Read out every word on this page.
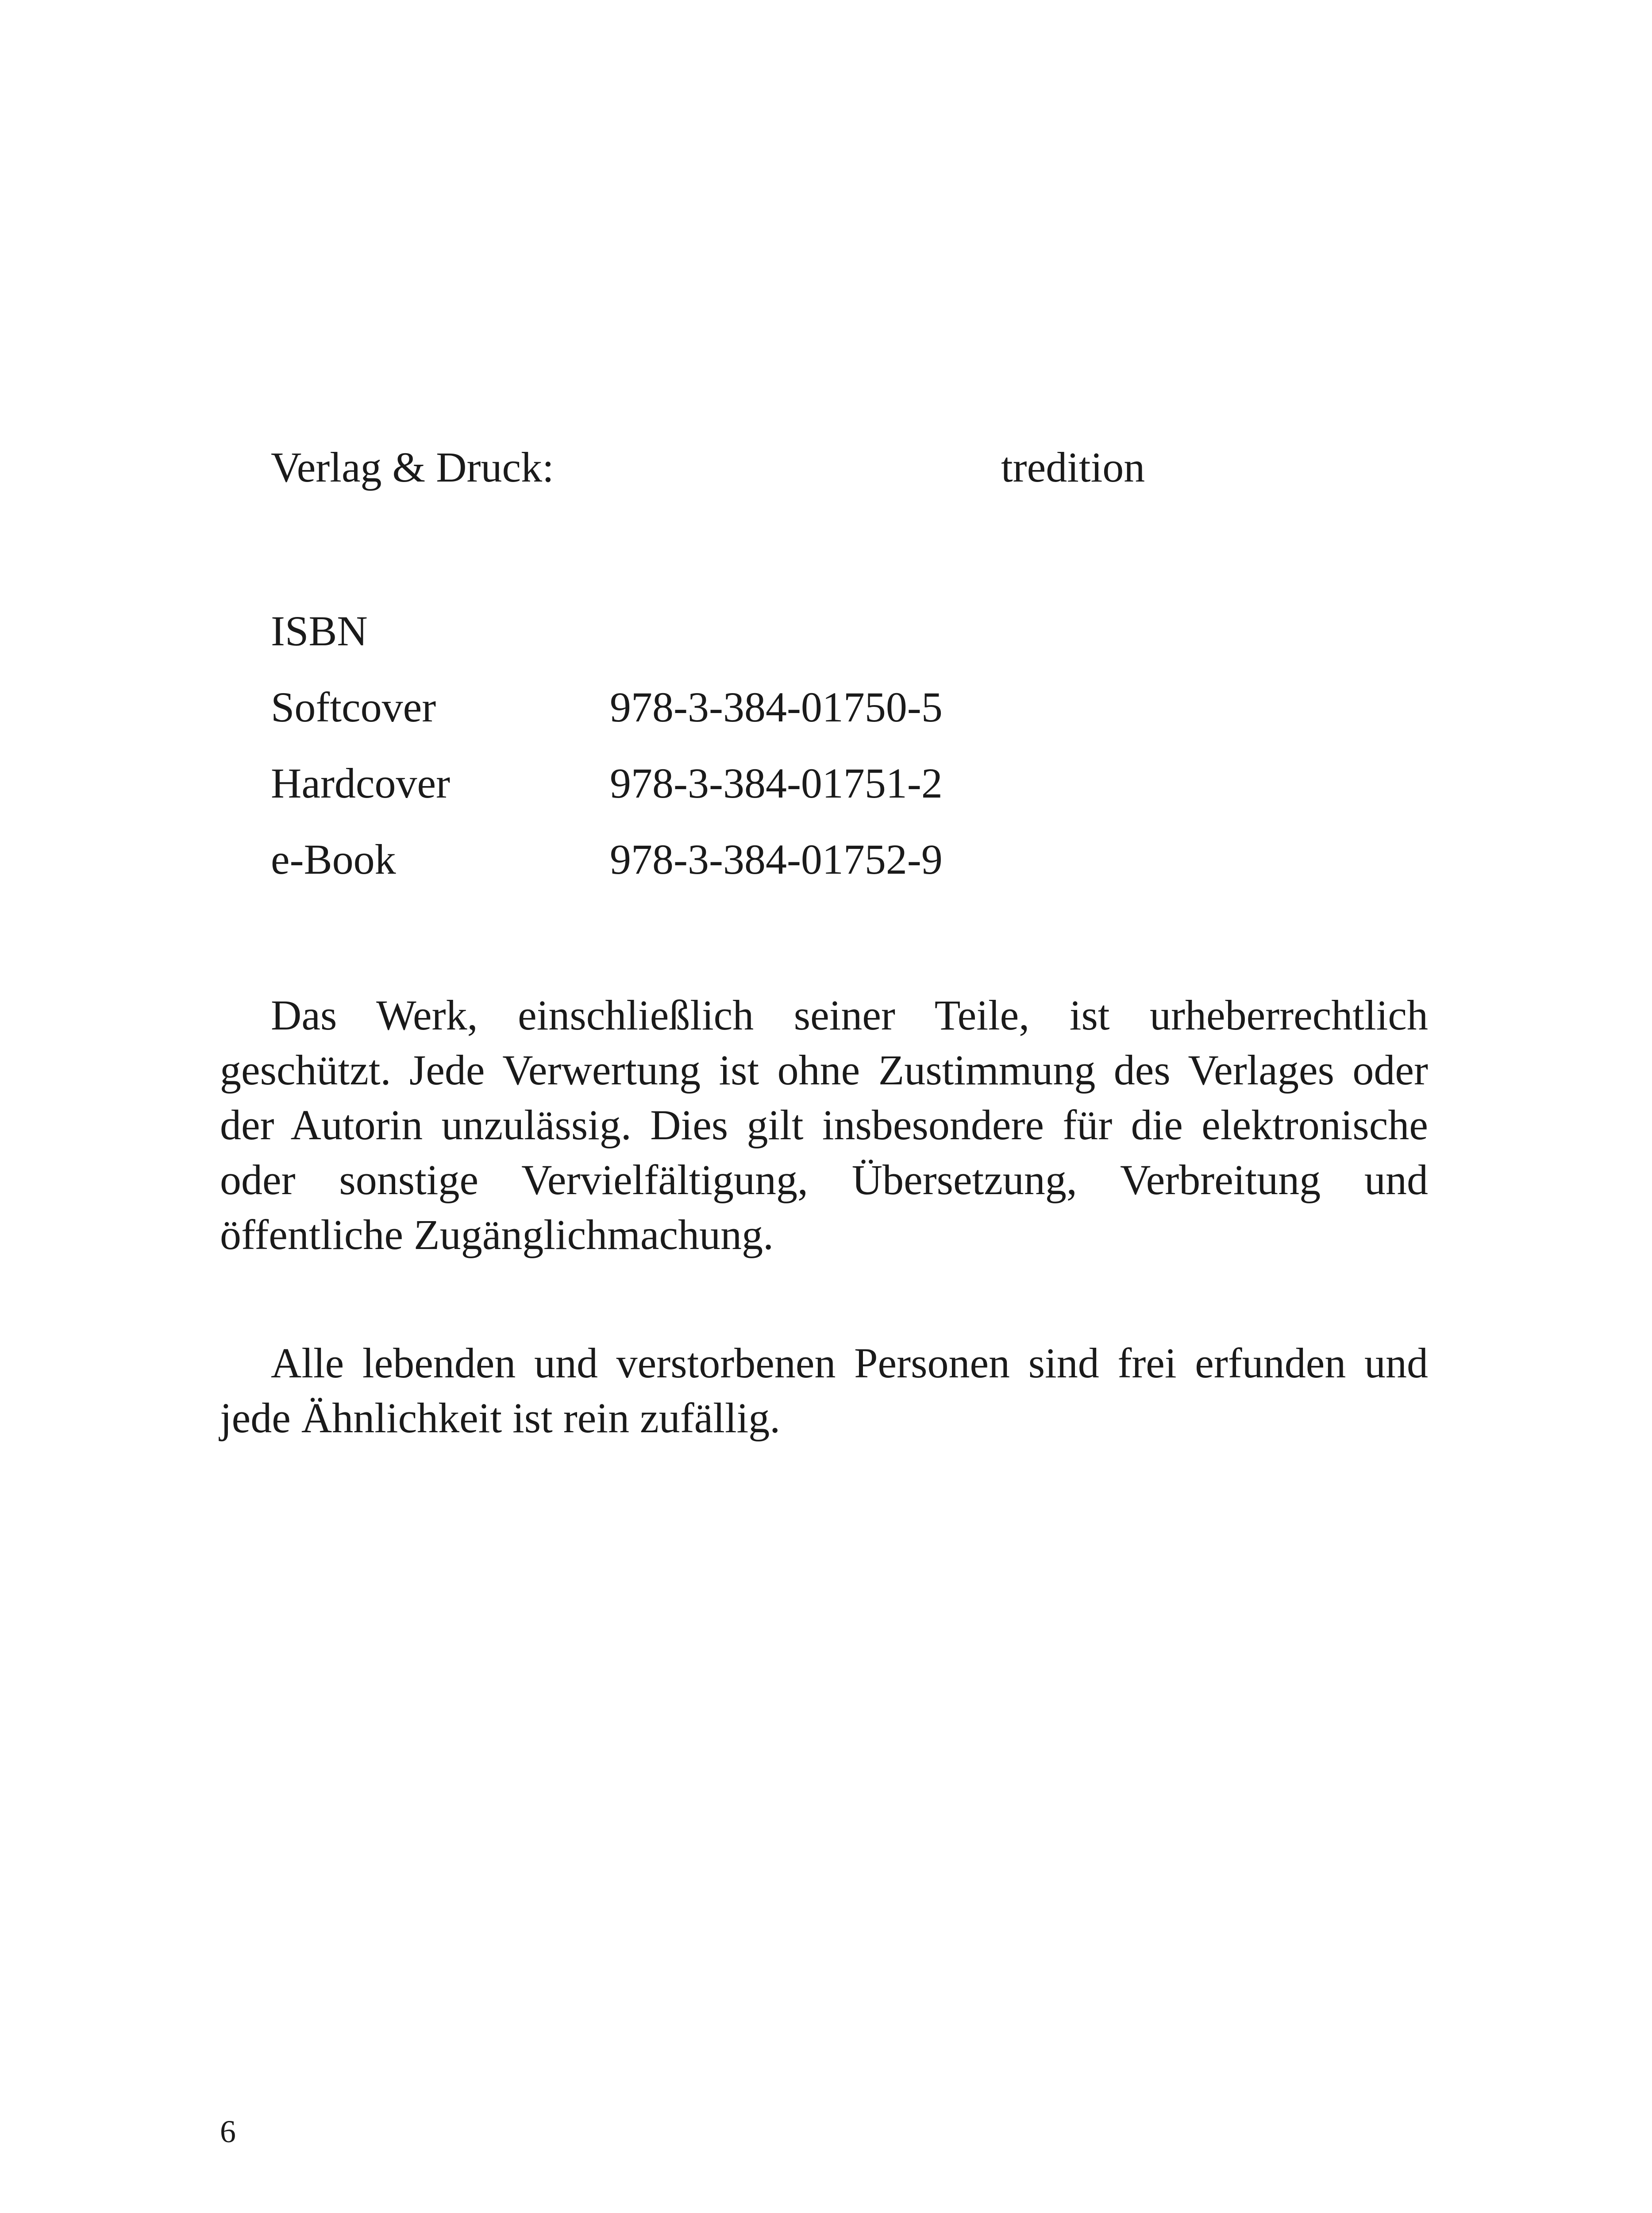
Verlag & Druck:	tredition
ISBN
Softcover	978-3-384-01750-5
Hardcover	978-3-384-01751-2
e-Book	978-3-384-01752-9

Das Werk, einschließlich seiner Teile, ist urheberrechtlich geschützt. Jede Verwertung ist ohne Zustimmung des Verlages oder der Autorin unzulässig. Dies gilt insbesondere für die elektronische oder sonstige Vervielfältigung, Übersetzung, Verbreitung und öffentliche Zugänglichmachung.

Alle lebenden und verstorbenen Personen sind frei erfunden und jede Ähnlichkeit ist rein zufällig.

6
